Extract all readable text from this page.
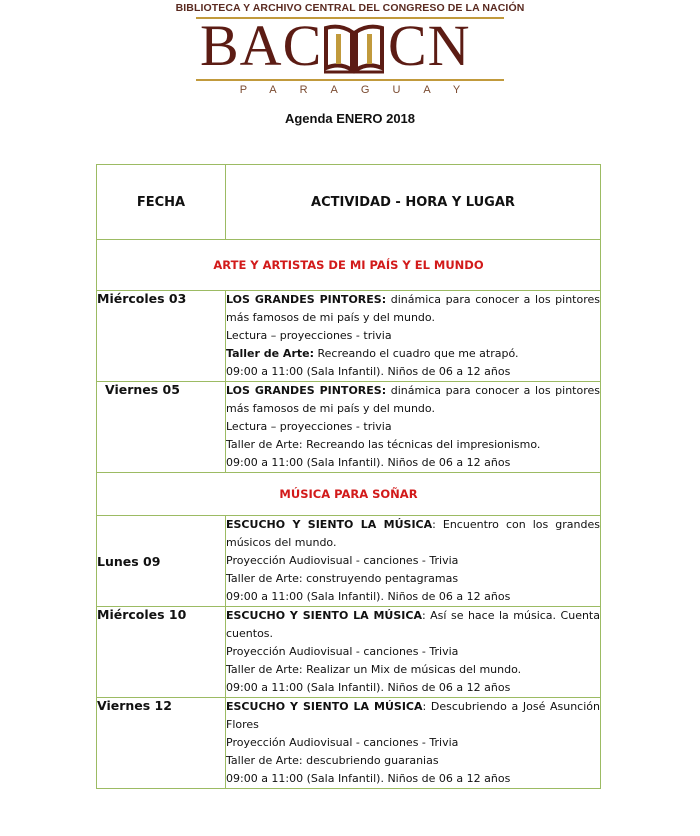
BIBLIOTECA Y ARCHIVO CENTRAL DEL CONGRESO DE LA NACIÓN
BAC CN
PARAGUAY
Agenda ENERO 2018
FECHA	ACTIVIDAD - HORA Y LUGAR
ARTE Y ARTISTAS DE MI PAÍS Y EL MUNDO	
Miércoles 03	LOS GRANDES PINTORES: dinámica para conocer a los pintores más famosos de mi país y del mundo.
Lectura – proyecciones - trivia
Taller de Arte: Recreando el cuadro que me atrapó.
09:00 a 11:00 (Sala Infantil). Niños de 06 a 12 años

Viernes 05	LOS GRANDES PINTORES: dinámica para conocer a los pintores más famosos de mi país y del mundo.
Lectura – proyecciones - trivia
Taller de Arte: Recreando las técnicas del impresionismo.
09:00 a 11:00 (Sala Infantil). Niños de 06 a 12 años

MÚSICA PARA SOÑAR	
Lunes 09	ESCUCHO Y SIENTO LA MÚSICA: Encuentro con los grandes músicos del mundo.
Proyección Audiovisual - canciones - Trivia
Taller de Arte: construyendo pentagramas
09:00 a 11:00 (Sala Infantil). Niños de 06 a 12 años

Miércoles 10	ESCUCHO Y SIENTO LA MÚSICA: Así se hace la música. Cuenta cuentos.
Proyección Audiovisual - canciones - Trivia
Taller de Arte: Realizar un Mix de músicas del mundo.
09:00 a 11:00 (Sala Infantil). Niños de 06 a 12 años

Viernes 12	ESCUCHO Y SIENTO LA MÚSICA: Descubriendo a José Asunción Flores
Proyección Audiovisual - canciones - Trivia
Taller de Arte: descubriendo guaranias
09:00 a 11:00 (Sala Infantil). Niños de 06 a 12 años
